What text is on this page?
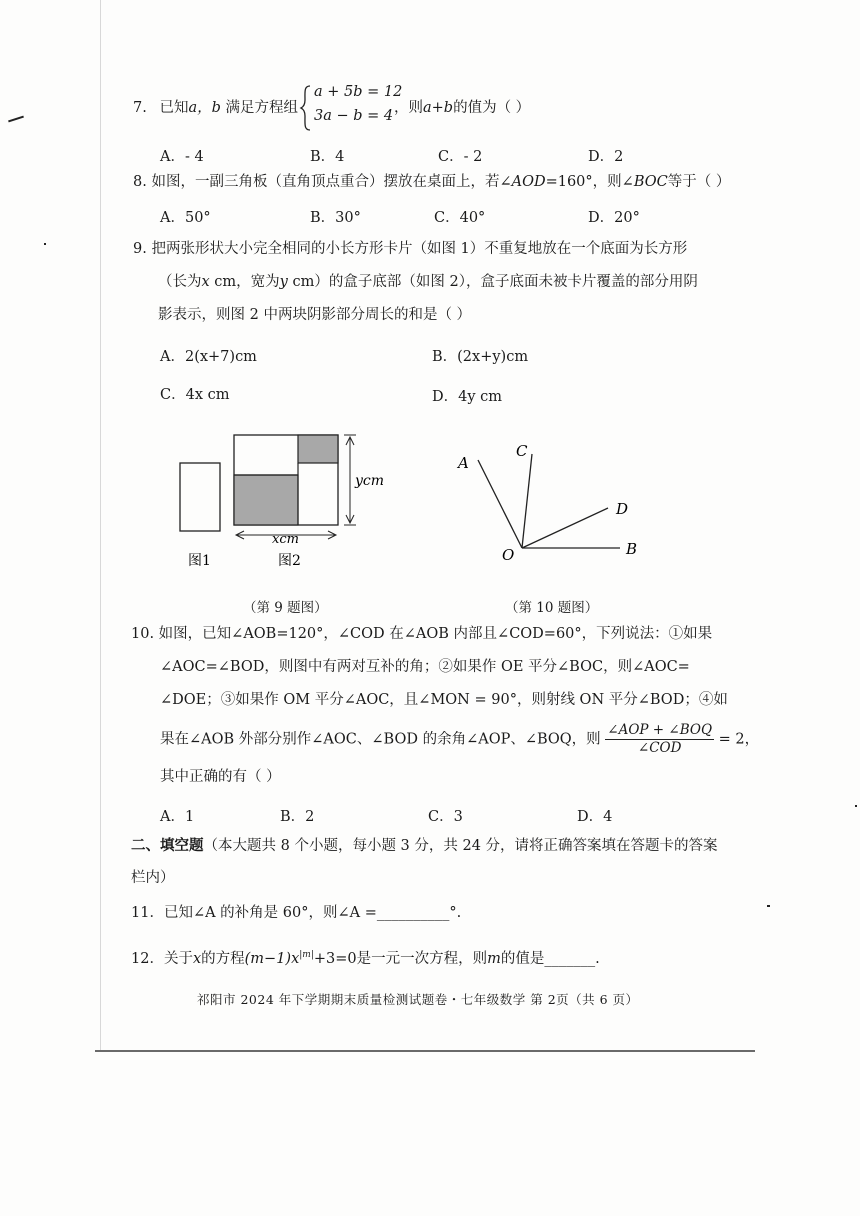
7. 已知a，b 满足方程组
a + 5b = 12
3a − b = 4 ，则a+b的值为（ ）
A．- 4	B．4	C．- 2	D．2
8. 如图，一副三角板（直角顶点重合）摆放在桌面上，若∠AOD=160°，则∠BOC等于（ ）
A．50°	B．30°	C．40°	D．20°
9. 把两张形状大小完全相同的小长方形卡片（如图 1）不重复地放在一个底面为长方形
（长为x cm，宽为y cm）的盒子底部（如图 2），盒子底面未被卡片覆盖的部分用阴
影表示，则图 2 中两块阴影部分周长的和是（ ）
A．2(x+7)cm	B．(2x+y)cm
C．4x cm	D．4y cm
ycm
xcm
图1	图2
（第 9 题图）
A
C
D
O	B
（第 10 题图）
10. 如图，已知∠AOB=120°，∠COD 在∠AOB 内部且∠COD=60°，下列说法：①如果
∠AOC=∠BOD，则图中有两对互补的角；②如果作 OE 平分∠BOC，则∠AOC=
∠DOE；③如果作 OM 平分∠AOC，且∠MON = 90°，则射线 ON 平分∠BOD；④如
果在∠AOB 外部分别作∠AOC、∠BOD 的余角∠AOP、∠BOQ，则 $\frac{\text{∠AOP + ∠BOQ}}{\text{∠COD}} = 2$，
其中正确的有（ ）
A．1	B．2	C．3	D．4
二、填空题（本大题共 8 个小题，每小题 3 分，共 24 分，请将正确答案填在答题卡的答案
栏内）
11．已知∠A 的补角是 60°，则∠A =__________°.
12．关于x的方程$(m-1)x^{|m|}+3=0$是一元一次方程，则m的值是_______.
祁阳市 2024 年下学期期末质量检测试题卷・七年级数学 第 2页（共 6 页）
